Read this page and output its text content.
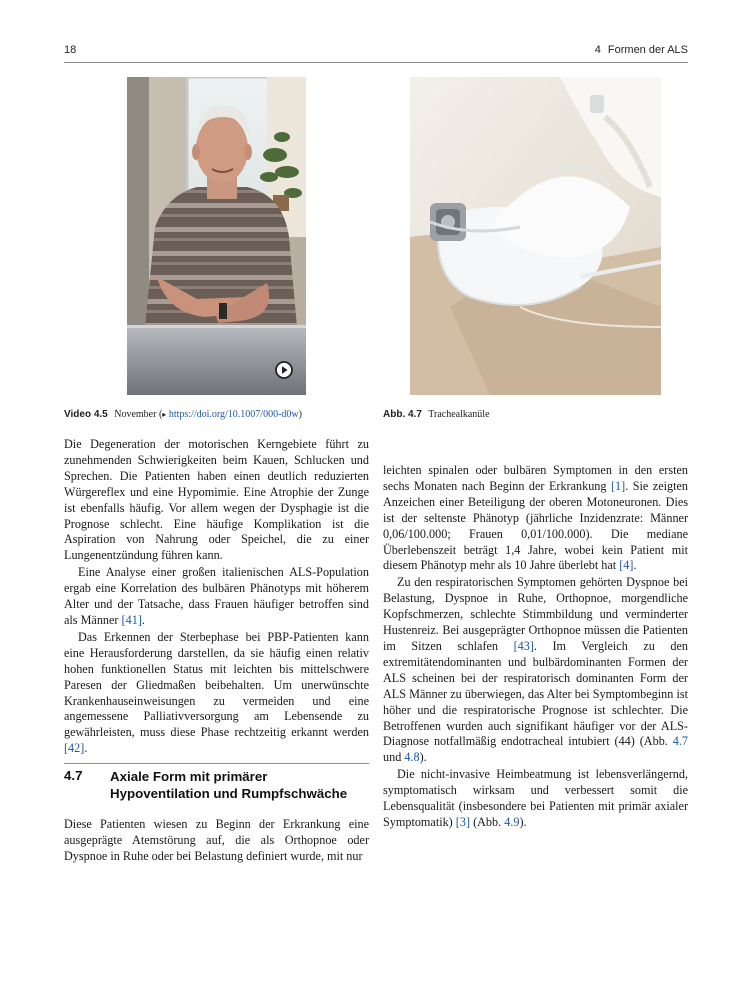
18	4 Formen der ALS
Video 4.5 November (▸ https://doi.org/10.1007/000-d0w)	Abb. 4.7 Trachealkanüle

Die Degeneration der motorischen Kerngebiete führt zu zunehmenden Schwierigkeiten beim Kauen, Schlucken und Sprechen. Die Patienten haben einen deutlich reduzierten Würgereflex und eine Hypomimie. Eine Atrophie der Zunge ist ebenfalls häufig. Vor allem wegen der Dysphagie ist die Prognose schlecht. Eine häufige Komplikation ist die Aspiration von Nahrung oder Speichel, die zu einer Lungenentzündung führen kann.

Eine Analyse einer großen italienischen ALS-Population ergab eine Korrelation des bulbären Phänotyps mit höherem Alter und der Tatsache, dass Frauen häufiger betroffen sind als Männer [41].

Das Erkennen der Sterbephase bei PBP-Patienten kann eine Herausforderung darstellen, da sie häufig einen relativ hohen funktionellen Status mit leichten bis mittelschwere Paresen der Gliedmaßen beibehalten. Um unerwünschte Krankenhauseinweisungen zu vermeiden und eine angemessene Palliativversorgung am Lebensende zu gewährleisten, muss diese Phase rechtzeitig erkannt werden [42].

4.7 Axiale Form mit primärer
Hypoventilation und Rumpfschwäche

Diese Patienten wiesen zu Beginn der Erkrankung eine ausgeprägte Atemstörung auf, die als Orthopnoe oder Dyspnoe in Ruhe oder bei Belastung definiert wurde, mit nur

leichten spinalen oder bulbären Symptomen in den ersten sechs Monaten nach Beginn der Erkrankung [1]. Sie zeigten Anzeichen einer Beteiligung der oberen Motoneuronen. Dies ist der seltenste Phänotyp (jährliche Inzidenzrate: Männer 0,06/100.000; Frauen 0,01/100.000). Die mediane Überlebenszeit beträgt 1,4 Jahre, wobei kein Patient mit diesem Phänotyp mehr als 10 Jahre überlebt hat [4].

Zu den respiratorischen Symptomen gehörten Dyspnoe bei Belastung, Dyspnoe in Ruhe, Orthopnoe, morgendliche Kopfschmerzen, schlechte Stimmbildung und verminderter Hustenreiz. Bei ausgeprägter Orthopnoe müssen die Patienten im Sitzen schlafen [43]. Im Vergleich zu den extremitätendominanten und bulbärdominanten Formen der ALS scheinen bei der respiratorisch dominanten Form der ALS Männer zu überwiegen, das Alter bei Symptombeginn ist höher und die respiratorische Prognose ist schlechter. Die Betroffenen wurden auch signifikant häufiger vor der ALS-Diagnose notfallmäßig endotracheal intubiert (44) (Abb. 4.7 und 4.8).

Die nicht-invasive Heimbeatmung ist lebensverlängernd, symptomatisch wirksam und verbessert somit die Lebensqualität (insbesondere bei Patienten mit primär axialer Symptomatik) [3] (Abb. 4.9).
